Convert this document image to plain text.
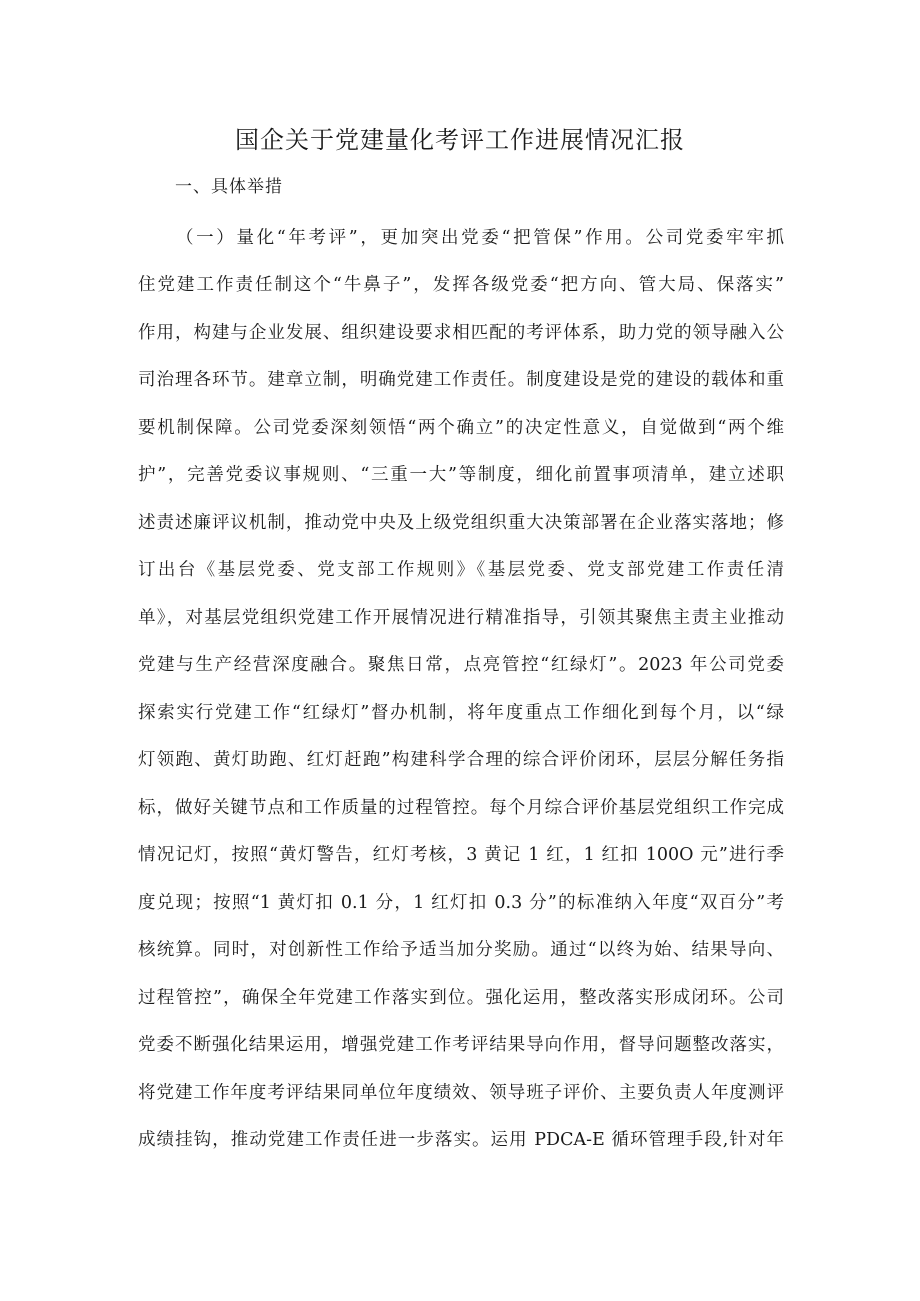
国企关于党建量化考评工作进展情况汇报

一、具体举措

（一）量化“年考评”，更加突出党委“把管保”作用。公司党委牢牢抓

住党建工作责任制这个“牛鼻子”，发挥各级党委“把方向、管大局、保落实”

作用，构建与企业发展、组织建设要求相匹配的考评体系，助力党的领导融入公

司治理各环节。建章立制，明确党建工作责任。制度建设是党的建设的载体和重

要机制保障。公司党委深刻领悟“两个确立”的决定性意义，自觉做到“两个维

护”，完善党委议事规则、“三重一大”等制度，细化前置事项清单，建立述职

述责述廉评议机制，推动党中央及上级党组织重大决策部署在企业落实落地；修

订出台《基层党委、党支部工作规则》《基层党委、党支部党建工作责任清

单》，对基层党组织党建工作开展情况进行精准指导，引领其聚焦主责主业推动

党建与生产经营深度融合。聚焦日常，点亮管控“红绿灯”。2023 年公司党委

探索实行党建工作“红绿灯”督办机制，将年度重点工作细化到每个月，以“绿

灯领跑、黄灯助跑、红灯赶跑”构建科学合理的综合评价闭环，层层分解任务指

标，做好关键节点和工作质量的过程管控。每个月综合评价基层党组织工作完成

情况记灯，按照“黄灯警告，红灯考核，3 黄记 1 红，1 红扣 100O 元”进行季

度兑现；按照“1 黄灯扣 0.1 分，1 红灯扣 0.3 分”的标准纳入年度“双百分”考

核统算。同时，对创新性工作给予适当加分奖励。通过“以终为始、结果导向、

过程管控”，确保全年党建工作落实到位。强化运用，整改落实形成闭环。公司

党委不断强化结果运用，增强党建工作考评结果导向作用，督导问题整改落实，

将党建工作年度考评结果同单位年度绩效、领导班子评价、主要负责人年度测评

成绩挂钩，推动党建工作责任进一步落实。运用 PDCA-E 循环管理手段,针对年
